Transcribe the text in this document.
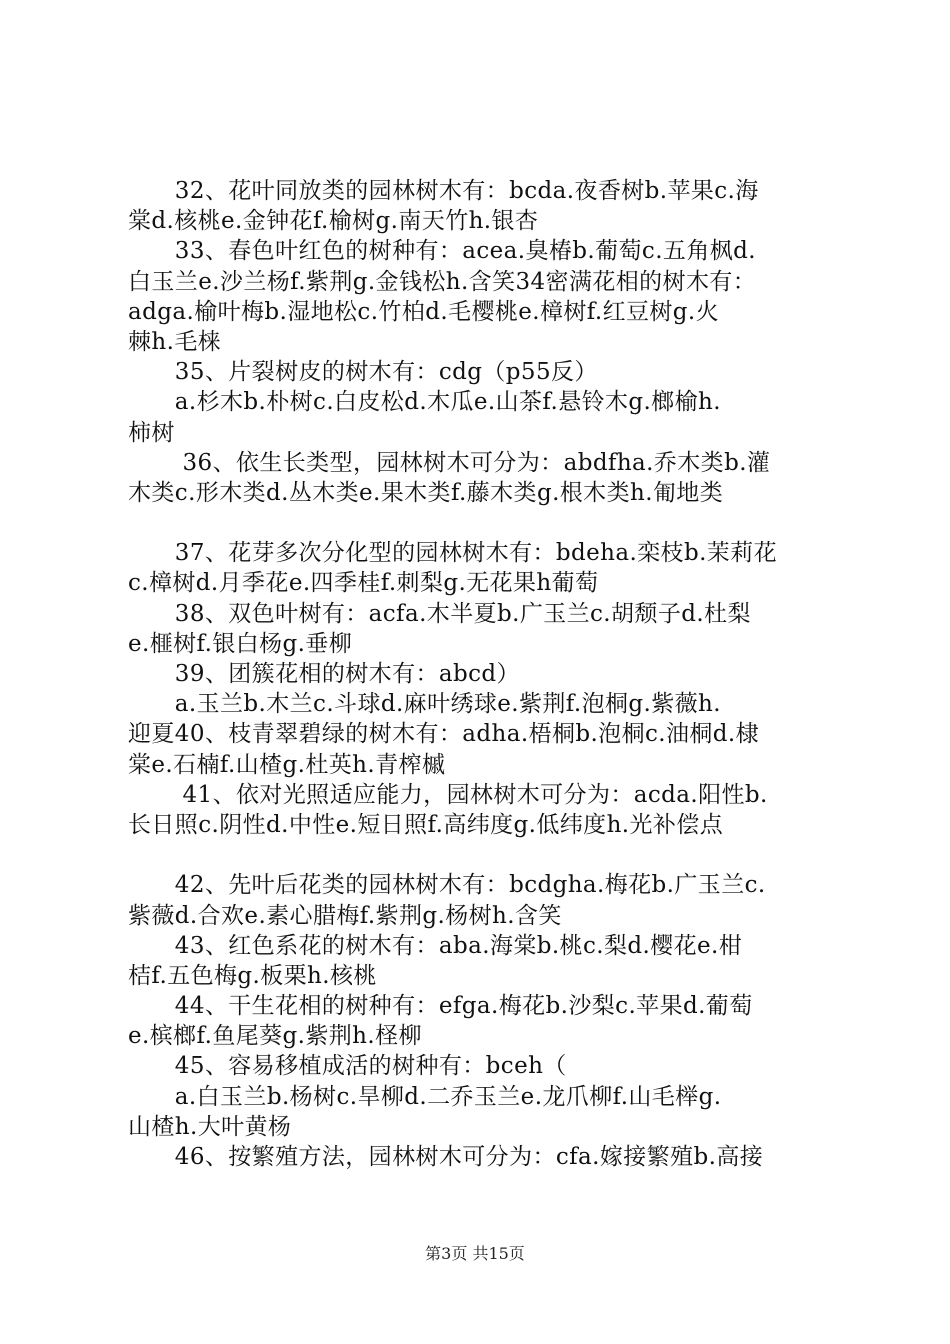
　　32、花叶同放类的园林树木有：bcda.夜香树b.苹果c.海
棠d.核桃e.金钟花f.榆树g.南天竹h.银杏
　　33、春色叶红色的树种有：acea.臭椿b.葡萄c.五角枫d.
白玉兰e.沙兰杨f.紫荆g.金钱松h.含笑34密满花相的树木有：
adga.榆叶梅b.湿地松c.竹柏d.毛樱桃e.樟树f.红豆树g.火
棘h.毛梾
　　35、片裂树皮的树木有：cdg（p55反）
　　a.杉木b.朴树c.白皮松d.木瓜e.山茶f.悬铃木g.榔榆h.
柿树
　　 36、依生长类型，园林树木可分为：abdfha.乔木类b.灌
木类c.形木类d.丛木类e.果木类f.藤木类g.根木类h.匍地类
　　37、花芽多次分化型的园林树木有：bdeha.栾枝b.茉莉花
c.樟树d.月季花e.四季桂f.刺梨g.无花果h葡萄
　　38、双色叶树有：acfa.木半夏b.广玉兰c.胡颓子d.杜梨
e.榧树f.银白杨g.垂柳
　　39、团簇花相的树木有：abcd）
　　a.玉兰b.木兰c.斗球d.麻叶绣球e.紫荆f.泡桐g.紫薇h.
迎夏40、枝青翠碧绿的树木有：adha.梧桐b.泡桐c.油桐d.棣
棠e.石楠f.山楂g.杜英h.青榨槭
　　 41、依对光照适应能力，园林树木可分为：acda.阳性b.
长日照c.阴性d.中性e.短日照f.高纬度g.低纬度h.光补偿点
　　42、先叶后花类的园林树木有：bcdgha.梅花b.广玉兰c.
紫薇d.合欢e.素心腊梅f.紫荆g.杨树h.含笑
　　43、红色系花的树木有：aba.海棠b.桃c.梨d.樱花e.柑
桔f.五色梅g.板栗h.核桃
　　44、干生花相的树种有：efga.梅花b.沙梨c.苹果d.葡萄
e.槟榔f.鱼尾葵g.紫荆h.柽柳
　　45、容易移植成活的树种有：bceh（
　　a.白玉兰b.杨树c.旱柳d.二乔玉兰e.龙爪柳f.山毛榉g.
山楂h.大叶黄杨
　　46、按繁殖方法，园林树木可分为：cfa.嫁接繁殖b.高接
第3页 共15页
